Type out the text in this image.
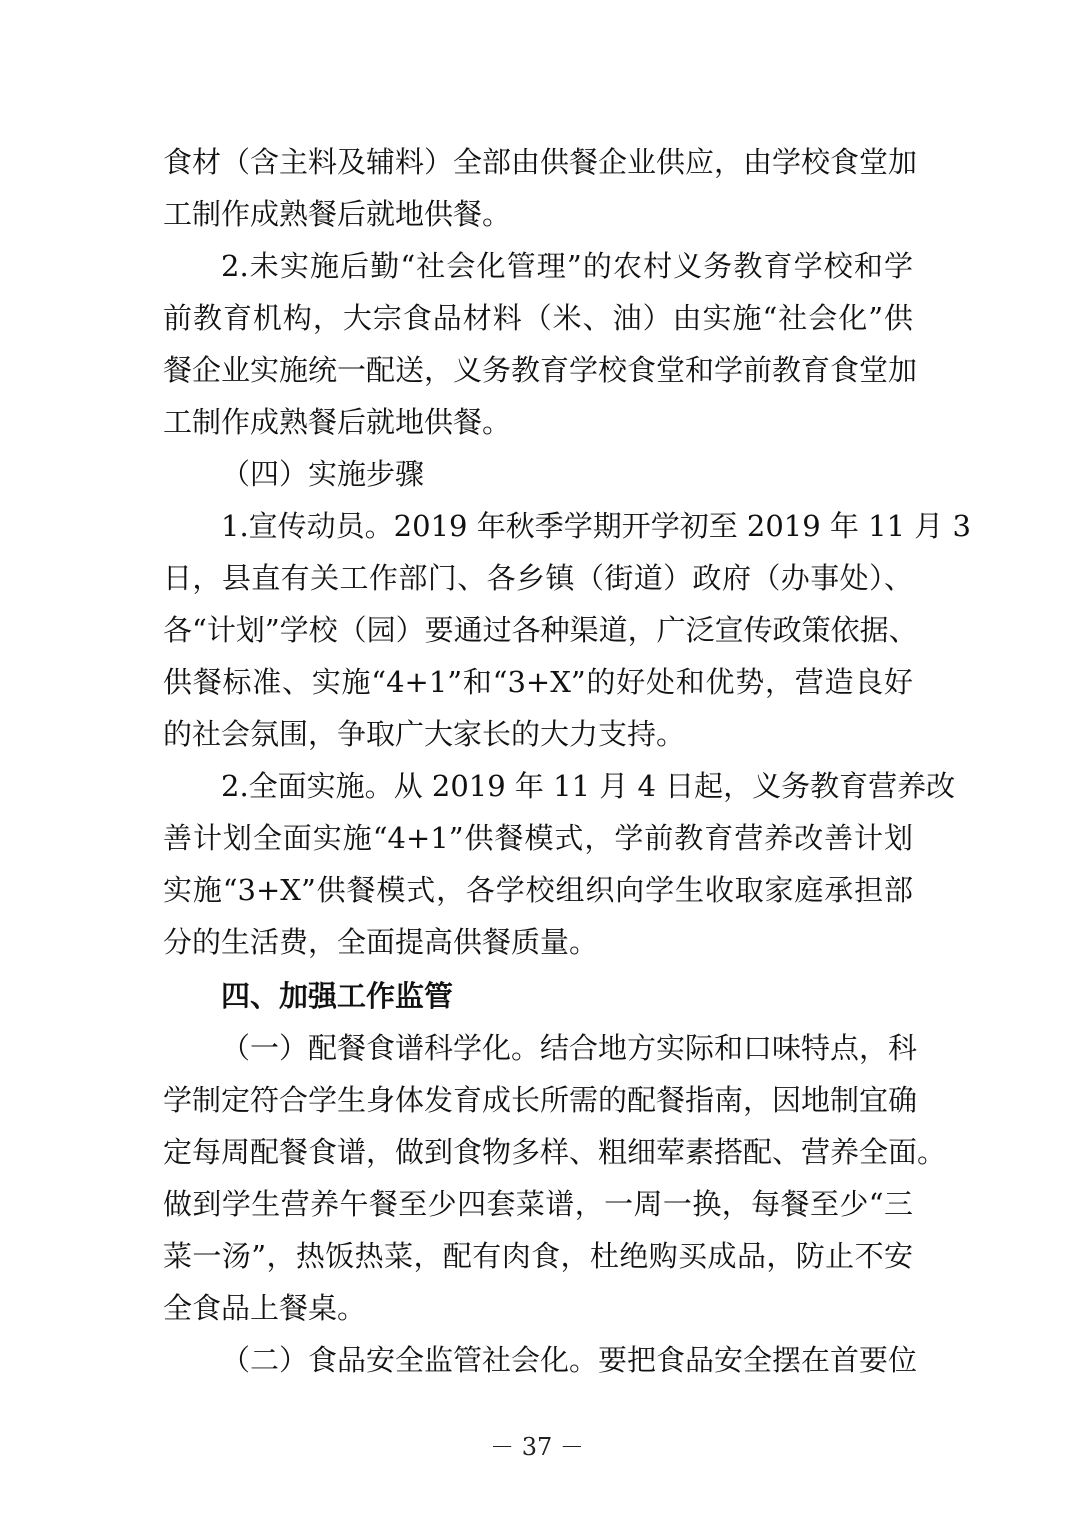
食材（含主料及辅料）全部由供餐企业供应，由学校食堂加
工制作成熟餐后就地供餐。
2.未实施后勤“社会化管理”的农村义务教育学校和学
前教育机构，大宗食品材料（米、油）由实施“社会化”供
餐企业实施统一配送，义务教育学校食堂和学前教育食堂加
工制作成熟餐后就地供餐。
（四）实施步骤
1.宣传动员。2019 年秋季学期开学初至 2019 年 11 月 3
日，县直有关工作部门、各乡镇（街道）政府（办事处）、
各“计划”学校（园）要通过各种渠道，广泛宣传政策依据、
供餐标准、实施“4+1”和“3+X”的好处和优势，营造良好
的社会氛围，争取广大家长的大力支持。
2.全面实施。从 2019 年 11 月 4 日起，义务教育营养改
善计划全面实施“4+1”供餐模式，学前教育营养改善计划
实施“3+X”供餐模式，各学校组织向学生收取家庭承担部
分的生活费，全面提高供餐质量。
四、加强工作监管
（一）配餐食谱科学化。结合地方实际和口味特点，科
学制定符合学生身体发育成长所需的配餐指南，因地制宜确
定每周配餐食谱，做到食物多样、粗细荤素搭配、营养全面。
做到学生营养午餐至少四套菜谱，一周一换，每餐至少“三
菜一汤”，热饭热菜，配有肉食，杜绝购买成品，防止不安
全食品上餐桌。
（二）食品安全监管社会化。要把食品安全摆在首要位
－ 37 －
